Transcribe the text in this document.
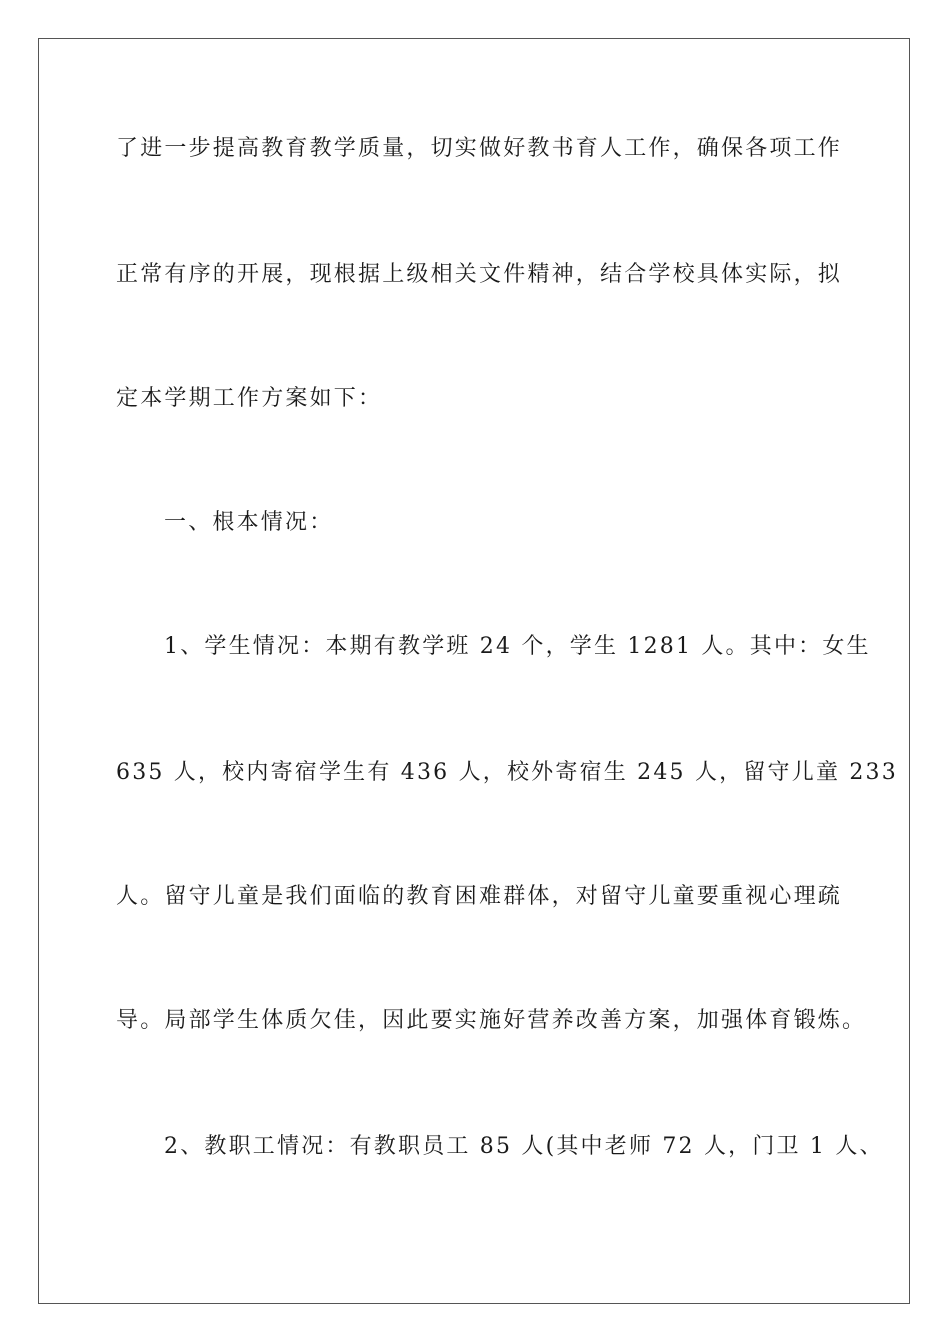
了进一步提高教育教学质量，切实做好教书育人工作，确保各项工作
正常有序的开展，现根据上级相关文件精神，结合学校具体实际，拟
定本学期工作方案如下：
一、根本情况：
1、学生情况：本期有教学班 24 个，学生 1281 人。其中：女生
635 人，校内寄宿学生有 436 人，校外寄宿生 245 人，留守儿童 233
人。留守儿童是我们面临的教育困难群体，对留守儿童要重视心理疏
导。局部学生体质欠佳，因此要实施好营养改善方案，加强体育锻炼。
2、教职工情况：有教职员工 85 人(其中老师 72 人，门卫 1 人、
